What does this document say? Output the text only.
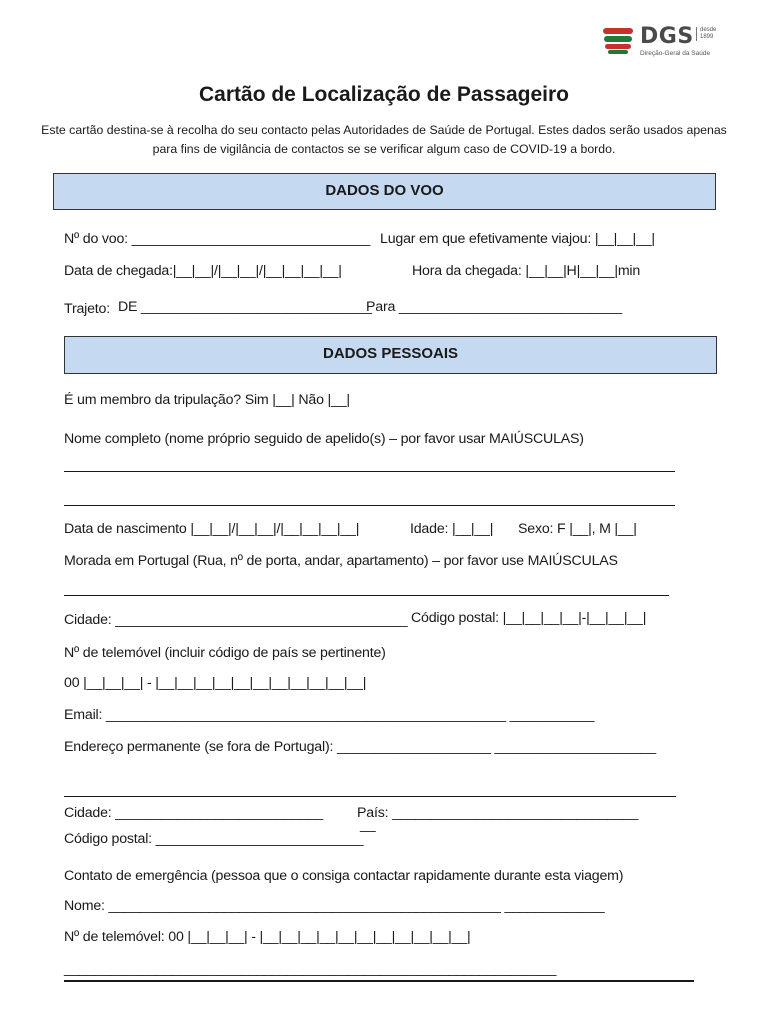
DGS	desde
1899
Direção-Geral da Saúde
Cartão de Localização de Passageiro
Este cartão destina-se à recolha do seu contacto pelas Autoridades de Saúde de Portugal. Estes dados serão usados apenas para fins de vigilância de contactos se se verificar algum caso de COVID-19 a bordo.
DADOS DO VOO
Nº do voo: _______________________________ Lugar em que efetivamente viajou: |__|__|__|
Data de chegada:|__|__|/|__|__|/|__|__|__|__|	Hora da chegada: |__|__|H|__|__|min
Trajeto: DE ______________________________
Para _____________________________
DADOS PESSOAIS
É um membro da tripulação? Sim |__| Não |__|
Nome completo (nome próprio seguido de apelido(s) – por favor usar MAIÚSCULAS)
Data de nascimento |__|__|/|__|__|/|__|__|__|__|	Idade: |__|__| Sexo: F |__|, M |__|
Morada em Portugal (Rua, nº de porta, andar, apartamento) – por favor use MAIÚSCULAS
Cidade: ______________________________________ Código postal: |__|__|__|__|-|__|__|__|
Nº de telemóvel (incluir código de país se pertinente)
00 |__|__|__| - |__|__|__|__|__|__|__|__|__|__|__|
Email: ____________________________________________________ ___________
Endereço permanente (se fora de Portugal): ____________________ _____________________
Cidade: ___________________________ País: ________________________________
__
Código postal: ___________________________
Contato de emergência (pessoa que o consiga contactar rapidamente durante esta viagem)
Nome: ___________________________________________________ _____________
Nº de telemóvel: 00 |__|__|__| - |__|__|__|__|__|__|__|__|__|__|__|
________________________________________________________________
